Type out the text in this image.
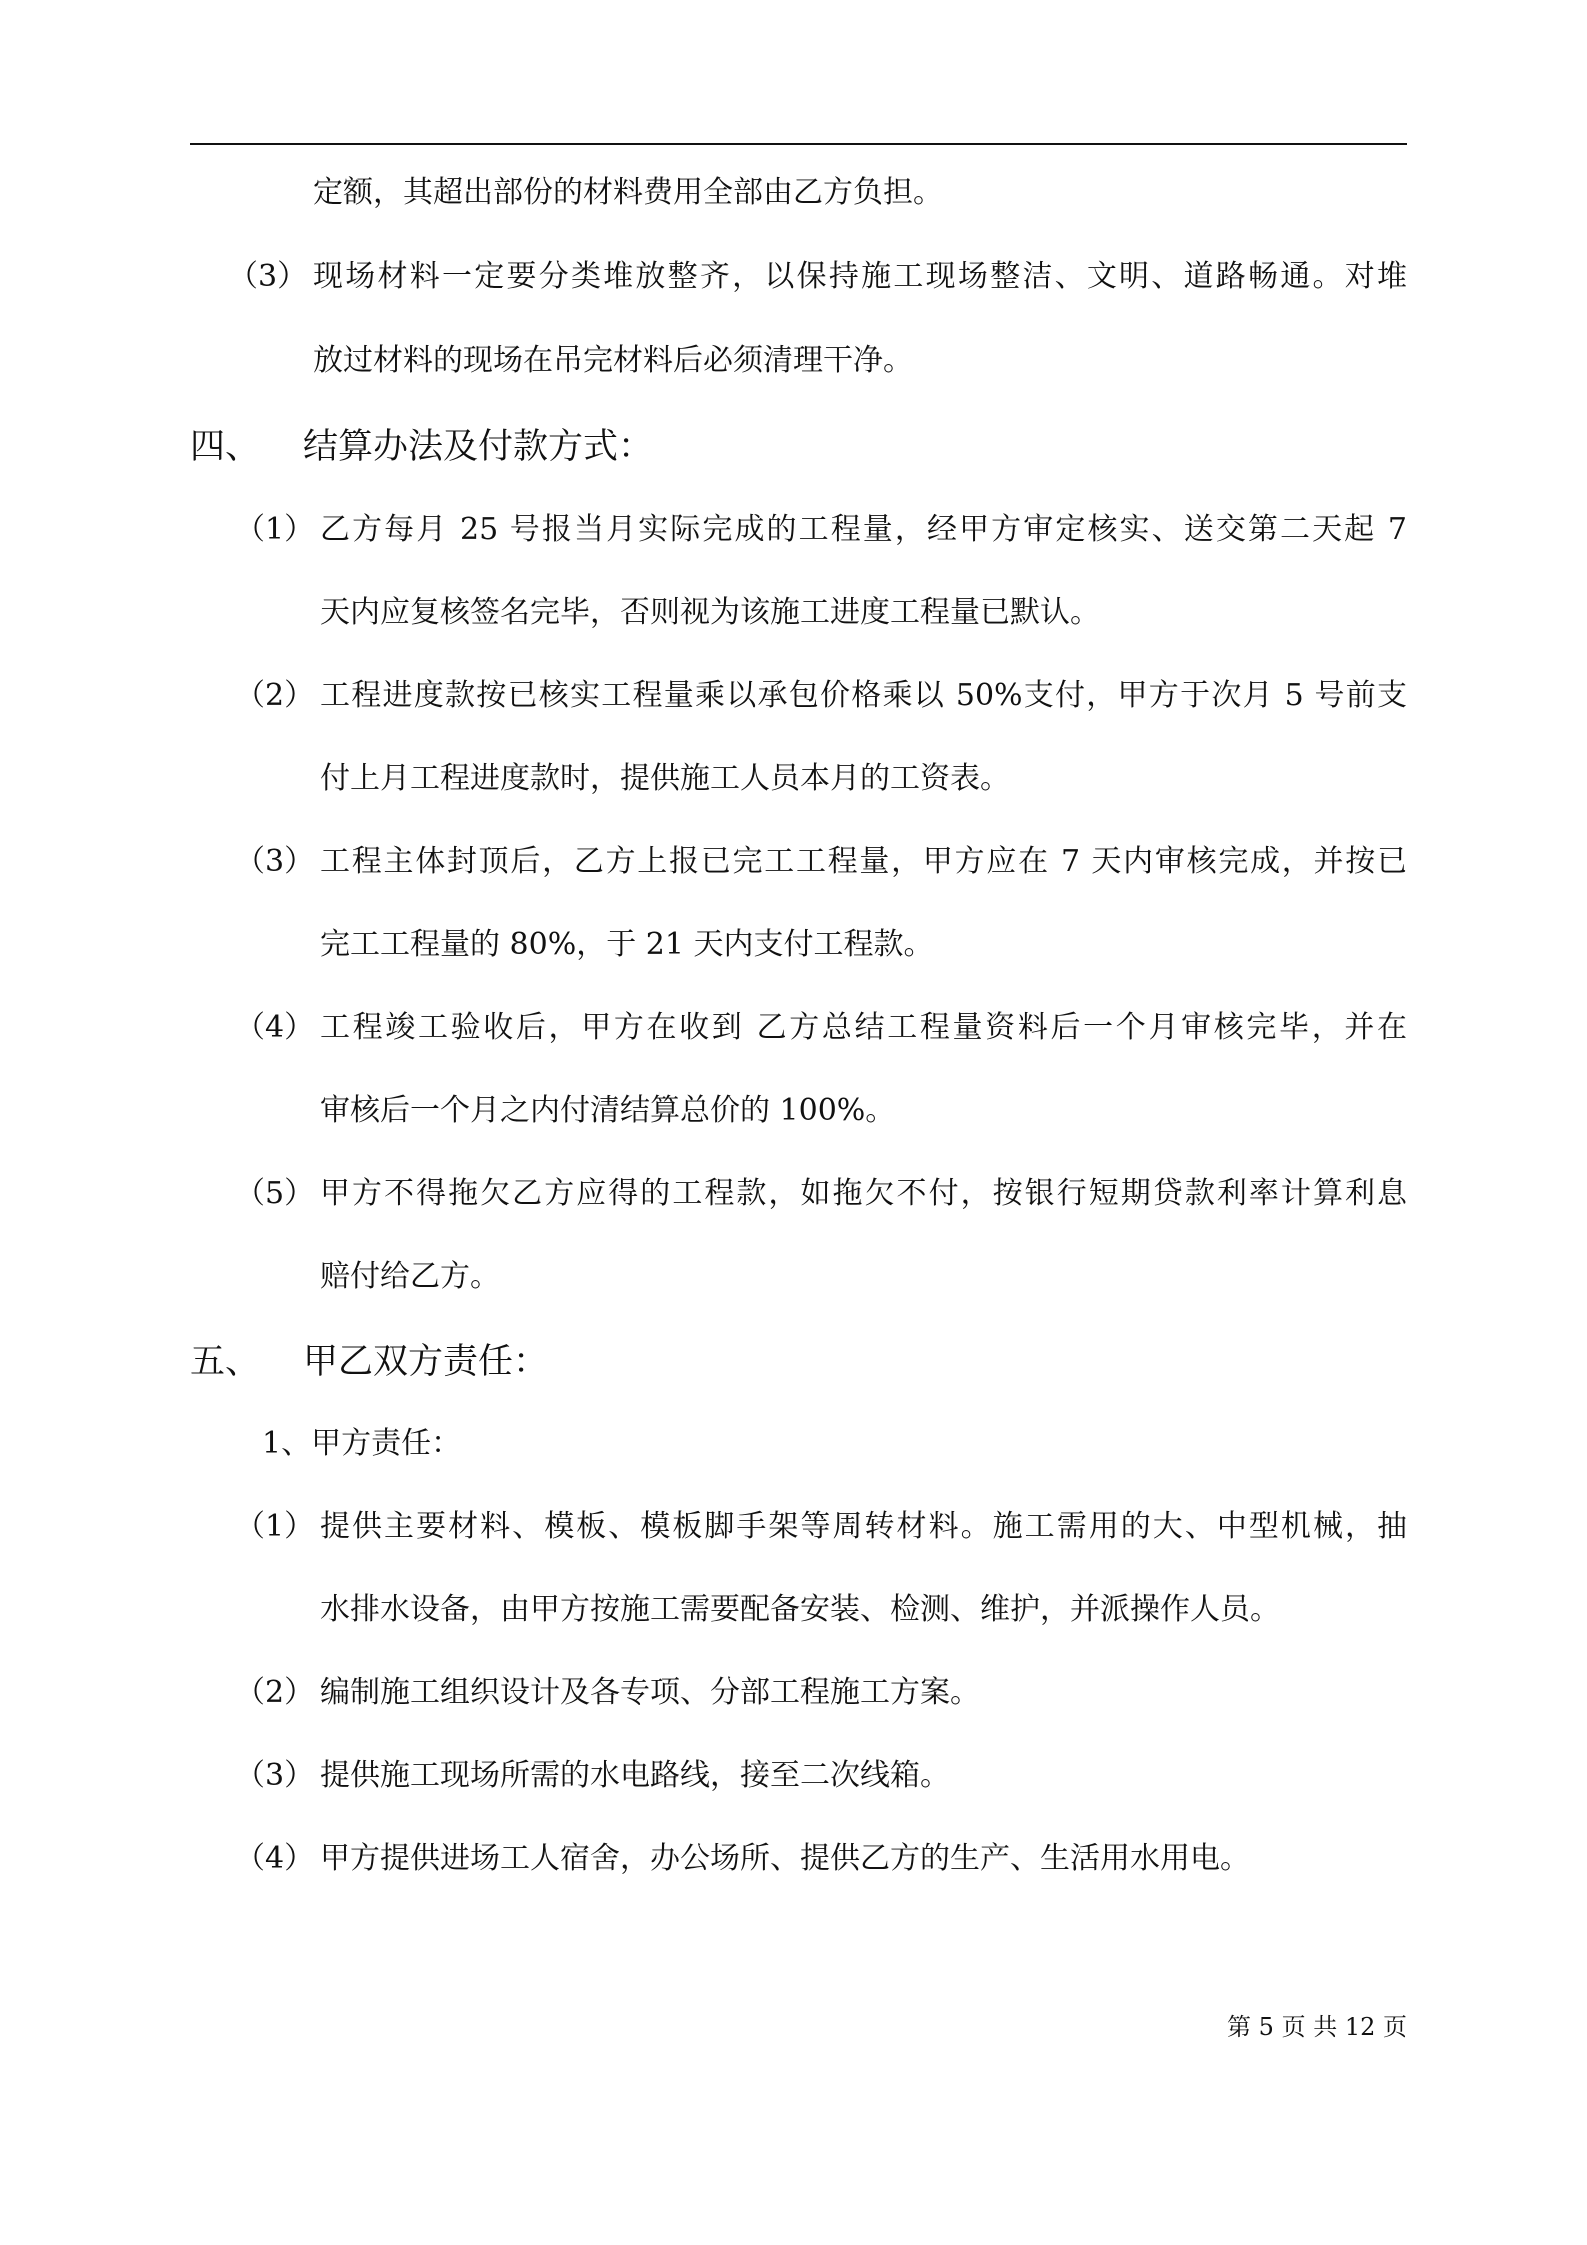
定额，其超出部份的材料费用全部由乙方负担。
（3） 现场材料一定要分类堆放整齐，以保持施工现场整洁、文明、道路畅通。对堆
放过材料的现场在吊完材料后必须清理干净。
四、 结算办法及付款方式：
（1） 乙方每月 25 号报当月实际完成的工程量，经甲方审定核实、送交第二天起 7
天内应复核签名完毕，否则视为该施工进度工程量已默认。
（2） 工程进度款按已核实工程量乘以承包价格乘以 50%支付，甲方于次月 5 号前支
付上月工程进度款时，提供施工人员本月的工资表。
（3） 工程主体封顶后，乙方上报已完工工程量，甲方应在 7 天内审核完成，并按已
完工工程量的 80%，于 21 天内支付工程款。
（4） 工程竣工验收后，甲方在收到 乙方总结工程量资料后一个月审核完毕，并在
审核后一个月之内付清结算总价的 100%。
（5） 甲方不得拖欠乙方应得的工程款，如拖欠不付，按银行短期贷款利率计算利息
赔付给乙方。
五、 甲乙双方责任：
1、甲方责任：
（1） 提供主要材料、模板、模板脚手架等周转材料。施工需用的大、中型机械，抽
水排水设备，由甲方按施工需要配备安装、检测、维护，并派操作人员。
（2） 编制施工组织设计及各专项、分部工程施工方案。
（3） 提供施工现场所需的水电路线，接至二次线箱。
（4） 甲方提供进场工人宿舍，办公场所、提供乙方的生产、生活用水用电。
第 5 页 共 12 页
